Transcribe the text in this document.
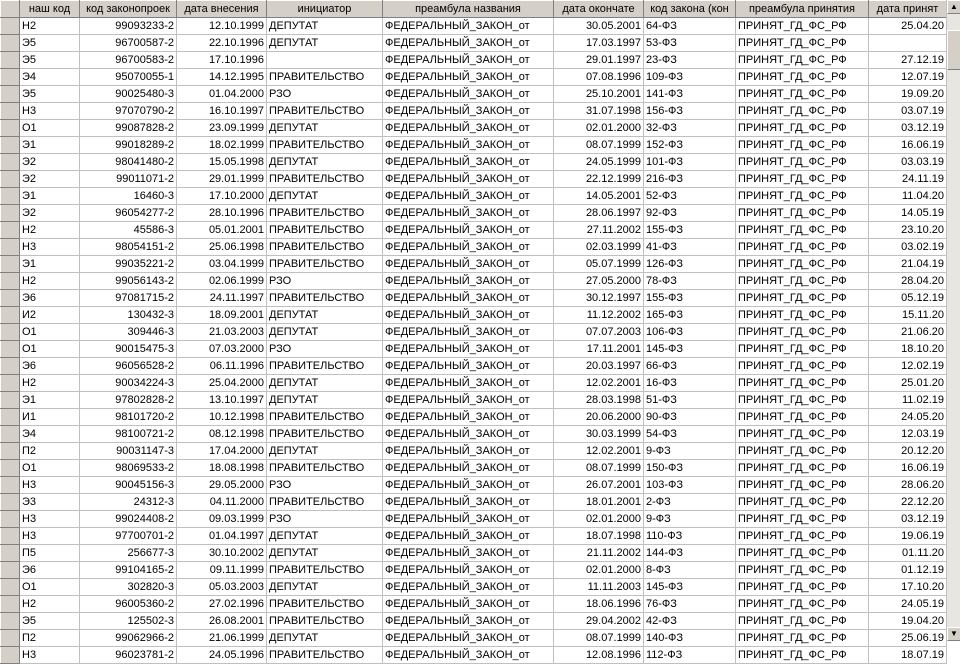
	наш код	код законопроек	дата внесения	инициатор	преамбула названия	дата окончате	код закона (кон	преамбула принятия	дата принят
	Н2	99093233-2	12.10.1999	ДЕПУТАТ	ФЕДЕРАЛЬНЫЙ_ЗАКОН_от	30.05.2001	64-ФЗ	ПРИНЯТ_ГД_ФС_РФ	25.04.20
	Э5	96700587-2	22.10.1996	ДЕПУТАТ	ФЕДЕРАЛЬНЫЙ_ЗАКОН_от	17.03.1997	53-ФЗ	ПРИНЯТ_ГД_ФС_РФ	
	Э5	96700583-2	17.10.1996		ФЕДЕРАЛЬНЫЙ_ЗАКОН_от	29.01.1997	23-ФЗ	ПРИНЯТ_ГД_ФС_РФ	27.12.19
	Э4	95070055-1	14.12.1995	ПРАВИТЕЛЬСТВО	ФЕДЕРАЛЬНЫЙ_ЗАКОН_от	07.08.1996	109-ФЗ	ПРИНЯТ_ГД_ФС_РФ	12.07.19
	Э5	90025480-3	01.04.2000	РЗО	ФЕДЕРАЛЬНЫЙ_ЗАКОН_от	25.10.2001	141-ФЗ	ПРИНЯТ_ГД_ФС_РФ	19.09.20
	Н3	97070790-2	16.10.1997	ПРАВИТЕЛЬСТВО	ФЕДЕРАЛЬНЫЙ_ЗАКОН_от	31.07.1998	156-ФЗ	ПРИНЯТ_ГД_ФС_РФ	03.07.19
	О1	99087828-2	23.09.1999	ДЕПУТАТ	ФЕДЕРАЛЬНЫЙ_ЗАКОН_от	02.01.2000	32-ФЗ	ПРИНЯТ_ГД_ФС_РФ	03.12.19
	Э1	99018289-2	18.02.1999	ПРАВИТЕЛЬСТВО	ФЕДЕРАЛЬНЫЙ_ЗАКОН_от	08.07.1999	152-ФЗ	ПРИНЯТ_ГД_ФС_РФ	16.06.19
	Э2	98041480-2	15.05.1998	ДЕПУТАТ	ФЕДЕРАЛЬНЫЙ_ЗАКОН_от	24.05.1999	101-ФЗ	ПРИНЯТ_ГД_ФС_РФ	03.03.19
	Э2	99011071-2	29.01.1999	ПРАВИТЕЛЬСТВО	ФЕДЕРАЛЬНЫЙ_ЗАКОН_от	22.12.1999	216-ФЗ	ПРИНЯТ_ГД_ФС_РФ	24.11.19
	Э1	16460-3	17.10.2000	ДЕПУТАТ	ФЕДЕРАЛЬНЫЙ_ЗАКОН_от	14.05.2001	52-ФЗ	ПРИНЯТ_ГД_ФС_РФ	11.04.20
	Э2	96054277-2	28.10.1996	ПРАВИТЕЛЬСТВО	ФЕДЕРАЛЬНЫЙ_ЗАКОН_от	28.06.1997	92-ФЗ	ПРИНЯТ_ГД_ФС_РФ	14.05.19
	Н2	45586-3	05.01.2001	ПРАВИТЕЛЬСТВО	ФЕДЕРАЛЬНЫЙ_ЗАКОН_от	27.11.2002	155-ФЗ	ПРИНЯТ_ГД_ФС_РФ	23.10.20
	Н3	98054151-2	25.06.1998	ПРАВИТЕЛЬСТВО	ФЕДЕРАЛЬНЫЙ_ЗАКОН_от	02.03.1999	41-ФЗ	ПРИНЯТ_ГД_ФС_РФ	03.02.19
	Э1	99035221-2	03.04.1999	ПРАВИТЕЛЬСТВО	ФЕДЕРАЛЬНЫЙ_ЗАКОН_от	05.07.1999	126-ФЗ	ПРИНЯТ_ГД_ФС_РФ	21.04.19
	Н2	99056143-2	02.06.1999	РЗО	ФЕДЕРАЛЬНЫЙ_ЗАКОН_от	27.05.2000	78-ФЗ	ПРИНЯТ_ГД_ФС_РФ	28.04.20
	Э6	97081715-2	24.11.1997	ПРАВИТЕЛЬСТВО	ФЕДЕРАЛЬНЫЙ_ЗАКОН_от	30.12.1997	155-ФЗ	ПРИНЯТ_ГД_ФС_РФ	05.12.19
	И2	130432-3	18.09.2001	ДЕПУТАТ	ФЕДЕРАЛЬНЫЙ_ЗАКОН_от	11.12.2002	165-ФЗ	ПРИНЯТ_ГД_ФС_РФ	15.11.20
	О1	309446-3	21.03.2003	ДЕПУТАТ	ФЕДЕРАЛЬНЫЙ_ЗАКОН_от	07.07.2003	106-ФЗ	ПРИНЯТ_ГД_ФС_РФ	21.06.20
	О1	90015475-3	07.03.2000	РЗО	ФЕДЕРАЛЬНЫЙ_ЗАКОН_от	17.11.2001	145-ФЗ	ПРИНЯТ_ГД_ФС_РФ	18.10.20
	Э6	96056528-2	06.11.1996	ПРАВИТЕЛЬСТВО	ФЕДЕРАЛЬНЫЙ_ЗАКОН_от	20.03.1997	66-ФЗ	ПРИНЯТ_ГД_ФС_РФ	12.02.19
	Н2	90034224-3	25.04.2000	ДЕПУТАТ	ФЕДЕРАЛЬНЫЙ_ЗАКОН_от	12.02.2001	16-ФЗ	ПРИНЯТ_ГД_ФС_РФ	25.01.20
	Э1	97802828-2	13.10.1997	ДЕПУТАТ	ФЕДЕРАЛЬНЫЙ_ЗАКОН_от	28.03.1998	51-ФЗ	ПРИНЯТ_ГД_ФС_РФ	11.02.19
	И1	98101720-2	10.12.1998	ПРАВИТЕЛЬСТВО	ФЕДЕРАЛЬНЫЙ_ЗАКОН_от	20.06.2000	90-ФЗ	ПРИНЯТ_ГД_ФС_РФ	24.05.20
	Э4	98100721-2	08.12.1998	ПРАВИТЕЛЬСТВО	ФЕДЕРАЛЬНЫЙ_ЗАКОН_от	30.03.1999	54-ФЗ	ПРИНЯТ_ГД_ФС_РФ	12.03.19
	П2	90031147-3	17.04.2000	ДЕПУТАТ	ФЕДЕРАЛЬНЫЙ_ЗАКОН_от	12.02.2001	9-ФЗ	ПРИНЯТ_ГД_ФС_РФ	20.12.20
	О1	98069533-2	18.08.1998	ПРАВИТЕЛЬСТВО	ФЕДЕРАЛЬНЫЙ_ЗАКОН_от	08.07.1999	150-ФЗ	ПРИНЯТ_ГД_ФС_РФ	16.06.19
	Н3	90045156-3	29.05.2000	РЗО	ФЕДЕРАЛЬНЫЙ_ЗАКОН_от	26.07.2001	103-ФЗ	ПРИНЯТ_ГД_ФС_РФ	28.06.20
	Э3	24312-3	04.11.2000	ПРАВИТЕЛЬСТВО	ФЕДЕРАЛЬНЫЙ_ЗАКОН_от	18.01.2001	2-ФЗ	ПРИНЯТ_ГД_ФС_РФ	22.12.20
	Н3	99024408-2	09.03.1999	РЗО	ФЕДЕРАЛЬНЫЙ_ЗАКОН_от	02.01.2000	9-ФЗ	ПРИНЯТ_ГД_ФС_РФ	03.12.19
	Н3	97700701-2	01.04.1997	ДЕПУТАТ	ФЕДЕРАЛЬНЫЙ_ЗАКОН_от	18.07.1998	110-ФЗ	ПРИНЯТ_ГД_ФС_РФ	19.06.19
	П5	256677-3	30.10.2002	ДЕПУТАТ	ФЕДЕРАЛЬНЫЙ_ЗАКОН_от	21.11.2002	144-ФЗ	ПРИНЯТ_ГД_ФС_РФ	01.11.20
	Э6	99104165-2	09.11.1999	ПРАВИТЕЛЬСТВО	ФЕДЕРАЛЬНЫЙ_ЗАКОН_от	02.01.2000	8-ФЗ	ПРИНЯТ_ГД_ФС_РФ	01.12.19
	О1	302820-3	05.03.2003	ДЕПУТАТ	ФЕДЕРАЛЬНЫЙ_ЗАКОН_от	11.11.2003	145-ФЗ	ПРИНЯТ_ГД_ФС_РФ	17.10.20
	Н2	96005360-2	27.02.1996	ПРАВИТЕЛЬСТВО	ФЕДЕРАЛЬНЫЙ_ЗАКОН_от	18.06.1996	76-ФЗ	ПРИНЯТ_ГД_ФС_РФ	24.05.19
	Э5	125502-3	26.08.2001	ПРАВИТЕЛЬСТВО	ФЕДЕРАЛЬНЫЙ_ЗАКОН_от	29.04.2002	42-ФЗ	ПРИНЯТ_ГД_ФС_РФ	19.04.20
	П2	99062966-2	21.06.1999	ДЕПУТАТ	ФЕДЕРАЛЬНЫЙ_ЗАКОН_от	08.07.1999	140-ФЗ	ПРИНЯТ_ГД_ФС_РФ	25.06.19
	Н3	96023781-2	24.05.1996	ПРАВИТЕЛЬСТВО	ФЕДЕРАЛЬНЫЙ_ЗАКОН_от	12.08.1996	112-ФЗ	ПРИНЯТ_ГД_ФС_РФ	18.07.19
▲
▼
